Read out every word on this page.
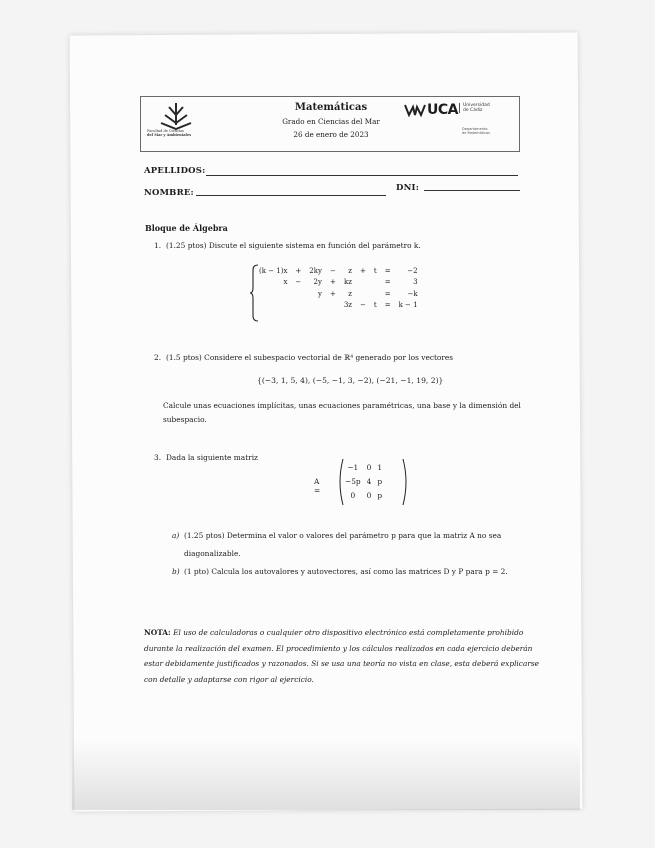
Facultad de Ciencias
del Mar y Ambientales
Matemáticas
Grado en Ciencias del Mar
26 de enero de 2023
UCA Universidad
de Cádiz
Departamento
de Matemáticas
APELLIDOS:
NOMBRE:	DNI:
Bloque de Álgebra
1. (1.25 ptos) Discute el siguiente sistema en función del parámetro k.
(k − 1)x	+	2ky	−	z	+	t	=	−2
x	−	2y	+	kz			=	3
		y	+	z			=	−k
				3z	−	t	=	k − 1
2. (1.5 ptos) Considere el subespacio vectorial de ℝ⁴ generado por los vectores
{(−3, 1, 5, 4), (−5, −1, 3, −2), (−21, −1, 19, 2)}
Calcule unas ecuaciones implícitas, unas ecuaciones paramétricas, una base y la dimensión del subespacio.
3. Dada la siguiente matriz
A =
−1	0	1
−5p	4	p
0	0	p
a) (1.25 ptos) Determina el valor o valores del parámetro p para que la matriz A no sea
diagonalizable.
b) (1 pto) Calcula los autovalores y autovectores, así como las matrices D y P para p = 2.
NOTA: El uso de calculadoras o cualquier otro dispositivo electrónico está completamente prohibido durante la realización del examen. El procedimiento y los cálculos realizados en cada ejercicio deberán estar debidamente justificados y razonados. Si se usa una teoría no vista en clase, esta deberá explicarse con detalle y adaptarse con rigor al ejercicio.
